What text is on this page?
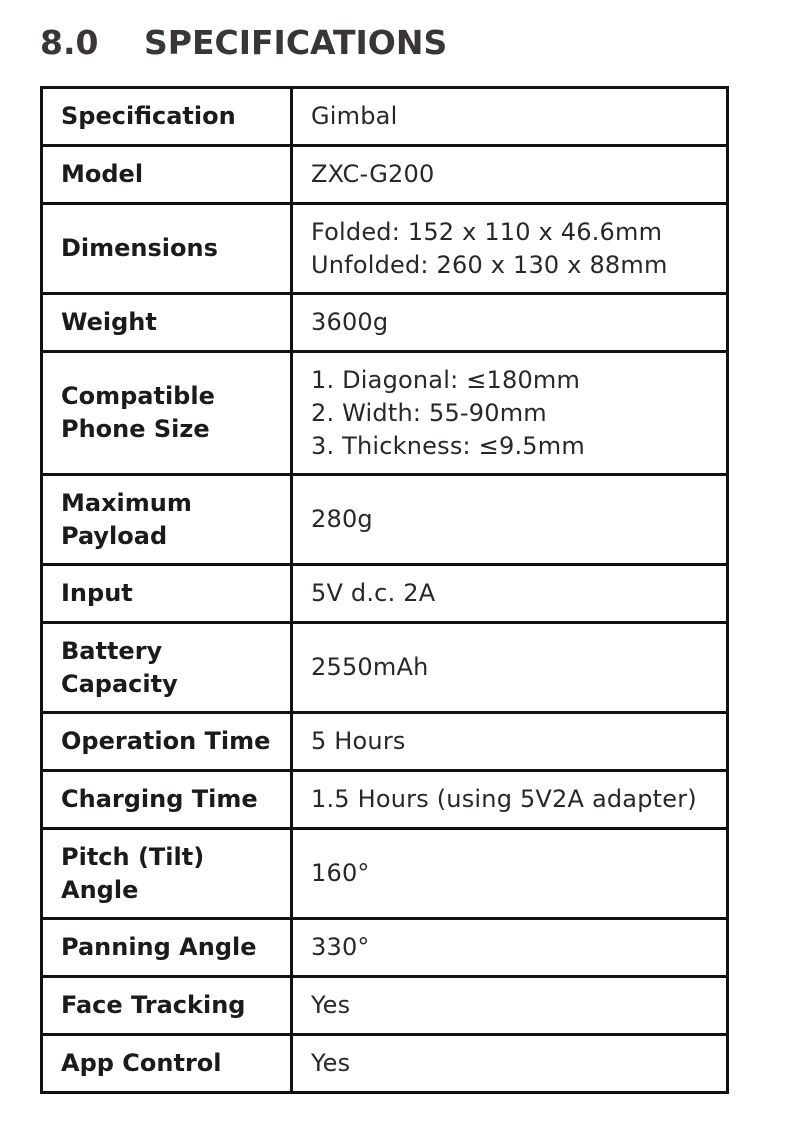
8.0 SPECIFICATIONS
Specification	Gimbal

Model	ZXC-G200

Dimensions	Folded: 152 x 110 x 46.6mm
Unfolded: 260 x 130 x 88mm

Weight	3600g

Compatible
Phone Size	1. Diagonal: ≤180mm
2. Width: 55-90mm
3. Thickness: ≤9.5mm

Maximum
Payload	280g

Input	5V d.c. 2A

Battery
Capacity	2550mAh

Operation Time	5 Hours

Charging Time	1.5 Hours (using 5V2A adapter)

Pitch (Tilt)
Angle	160°

Panning Angle	330°

Face Tracking	Yes

App Control	Yes
